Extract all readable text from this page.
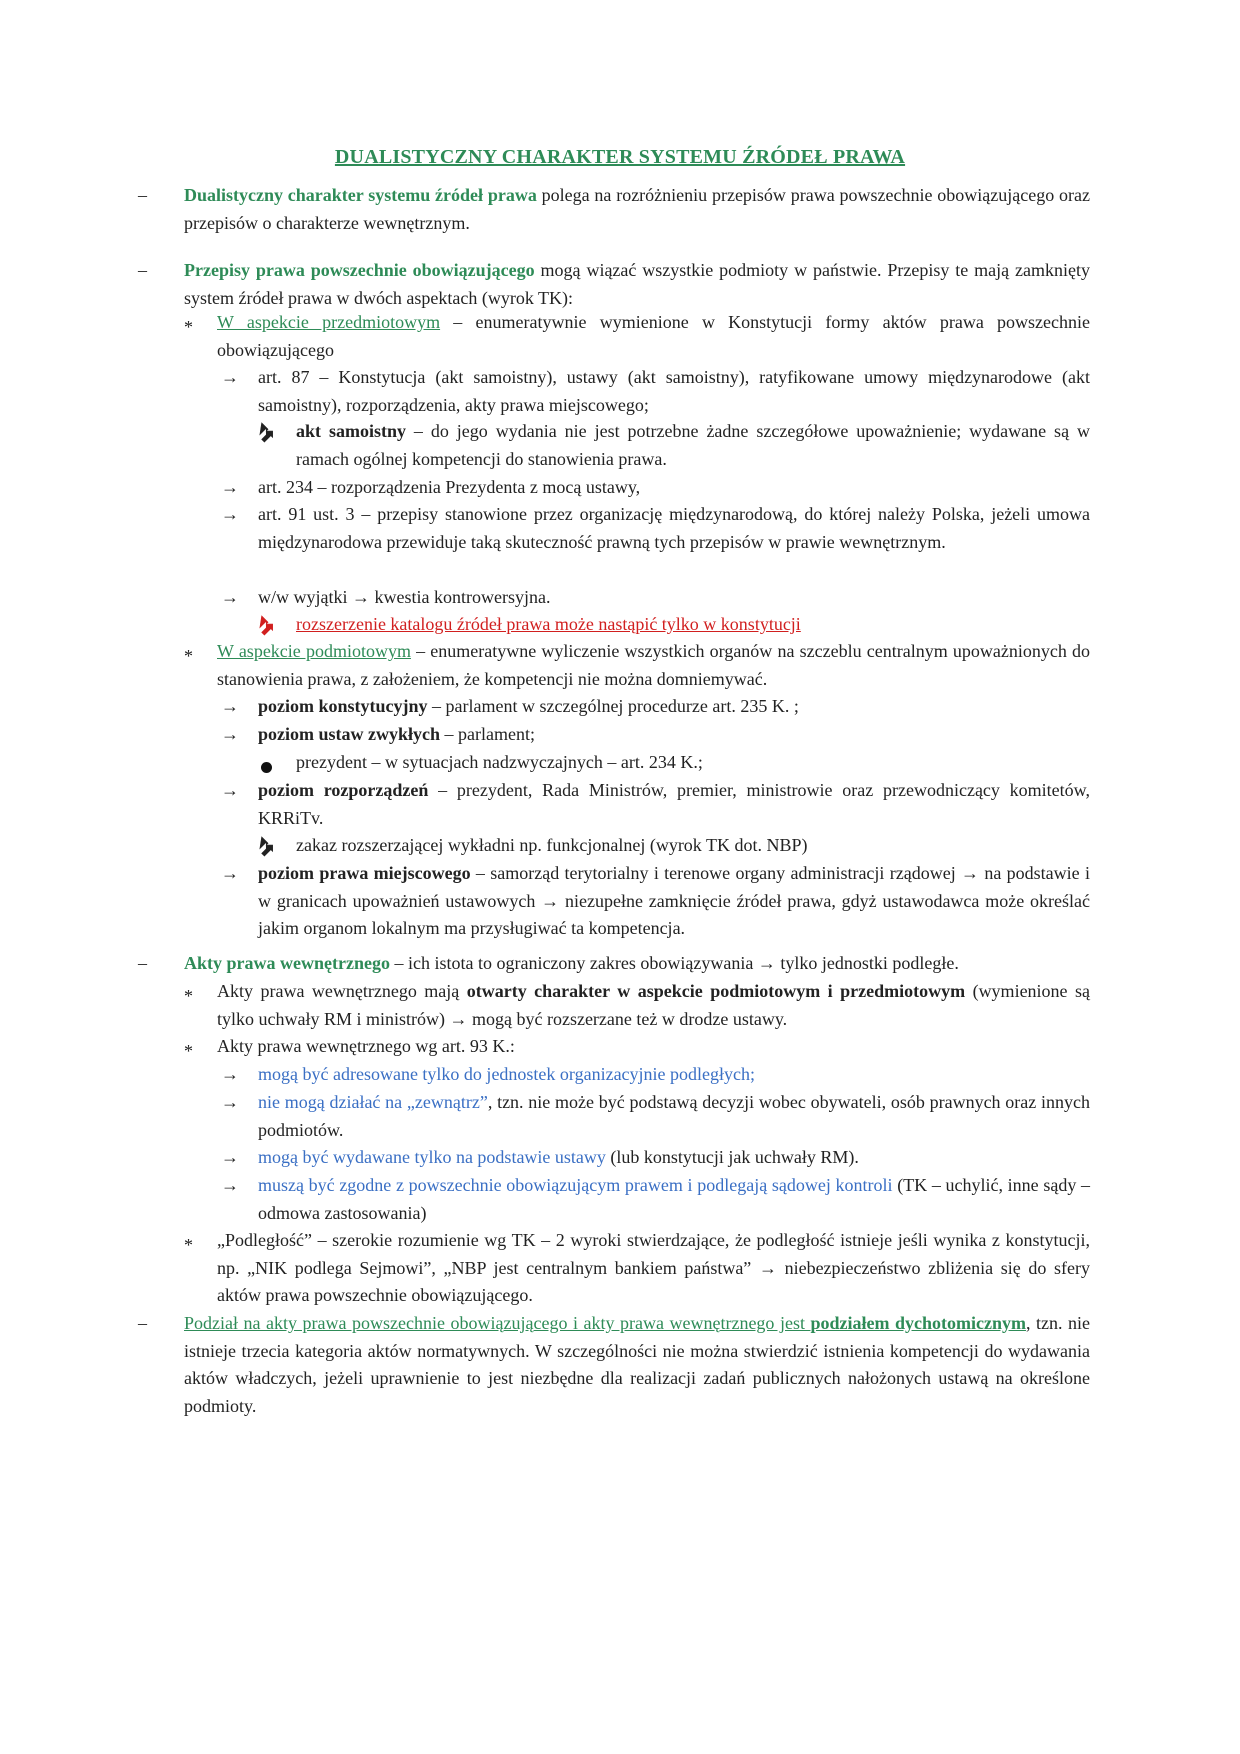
DUALISTYCZNY CHARAKTER SYSTEMU ŹRÓDEŁ PRAWA
– Dualistyczny charakter systemu źródeł prawa polega na rozróżnieniu przepisów prawa powszechnie obowiązującego oraz przepisów o charakterze wewnętrznym.
– Przepisy prawa powszechnie obowiązującego mogą wiązać wszystkie podmioty w państwie. Przepisy te mają zamknięty system źródeł prawa w dwóch aspektach (wyrok TK):
* W aspekcie przedmiotowym – enumeratywnie wymienione w Konstytucji formy aktów prawa powszechnie obowiązującego
→ art. 87 – Konstytucja (akt samoistny), ustawy (akt samoistny), ratyfikowane umowy międzynarodowe (akt samoistny), rozporządzenia, akty prawa miejscowego;
akt samoistny – do jego wydania nie jest potrzebne żadne szczegółowe upoważnienie; wydawane są w ramach ogólnej kompetencji do stanowienia prawa.
→ art. 234 – rozporządzenia Prezydenta z mocą ustawy,
→ art. 91 ust. 3 – przepisy stanowione przez organizację międzynarodową, do której należy Polska, jeżeli umowa międzynarodowa przewiduje taką skuteczność prawną tych przepisów w prawie wewnętrznym.
→ w/w wyjątki → kwestia kontrowersyjna.
rozszerzenie katalogu źródeł prawa może nastąpić tylko w konstytucji
* W aspekcie podmiotowym – enumeratywne wyliczenie wszystkich organów na szczeblu centralnym upoważnionych do stanowienia prawa, z założeniem, że kompetencji nie można domniemywać.
→ poziom konstytucyjny – parlament w szczególnej procedurze art. 235 K. ;
→ poziom ustaw zwykłych – parlament;
prezydent – w sytuacjach nadzwyczajnych – art. 234 K.;
→ poziom rozporządzeń – prezydent, Rada Ministrów, premier, ministrowie oraz przewodniczący komitetów, KRRiTv.
zakaz rozszerzającej wykładni np. funkcjonalnej (wyrok TK dot. NBP)
→ poziom prawa miejscowego – samorząd terytorialny i terenowe organy administracji rządowej → na podstawie i w granicach upoważnień ustawowych → niezupełne zamknięcie źródeł prawa, gdyż ustawodawca może określać jakim organom lokalnym ma przysługiwać ta kompetencja.
– Akty prawa wewnętrznego – ich istota to ograniczony zakres obowiązywania → tylko jednostki podległe.
* Akty prawa wewnętrznego mają otwarty charakter w aspekcie podmiotowym i przedmiotowym (wymienione są tylko uchwały RM i ministrów) → mogą być rozszerzane też w drodze ustawy.
* Akty prawa wewnętrznego wg art. 93 K.:
→ mogą być adresowane tylko do jednostek organizacyjnie podległych;
→ nie mogą działać na „zewnątrz”, tzn. nie może być podstawą decyzji wobec obywateli, osób prawnych oraz innych podmiotów.
→ mogą być wydawane tylko na podstawie ustawy (lub konstytucji jak uchwały RM).
→ muszą być zgodne z powszechnie obowiązującym prawem i podlegają sądowej kontroli (TK – uchylić, inne sądy – odmowa zastosowania)
* „Podległość” – szerokie rozumienie wg TK – 2 wyroki stwierdzające, że podległość istnieje jeśli wynika z konstytucji, np. „NIK podlega Sejmowi”, „NBP jest centralnym bankiem państwa” → niebezpieczeństwo zbliżenia się do sfery aktów prawa powszechnie obowiązującego.
– Podział na akty prawa powszechnie obowiązującego i akty prawa wewnętrznego jest podziałem dychotomicznym, tzn. nie istnieje trzecia kategoria aktów normatywnych. W szczególności nie można stwierdzić istnienia kompetencji do wydawania aktów władczych, jeżeli uprawnienie to jest niezbędne dla realizacji zadań publicznych nałożonych ustawą na określone podmioty.
